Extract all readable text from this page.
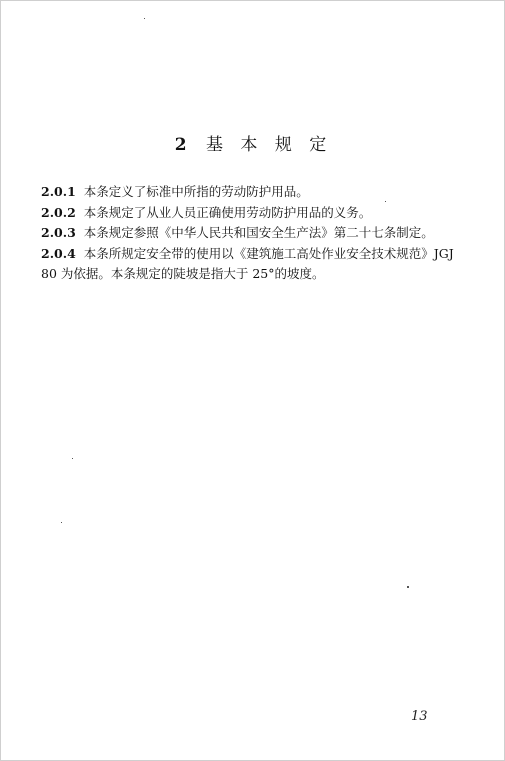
2 基 本 规 定

2.0.1 本条定义了标准中所指的劳动防护用品。

2.0.2 本条规定了从业人员正确使用劳动防护用品的义务。

2.0.3 本条规定参照《中华人民共和国安全生产法》第二十七条制定。

2.0.4 本条所规定安全带的使用以《建筑施工高处作业安全技术规范》JGJ 80 为依据。本条规定的陡坡是指大于 25°的坡度。

13
